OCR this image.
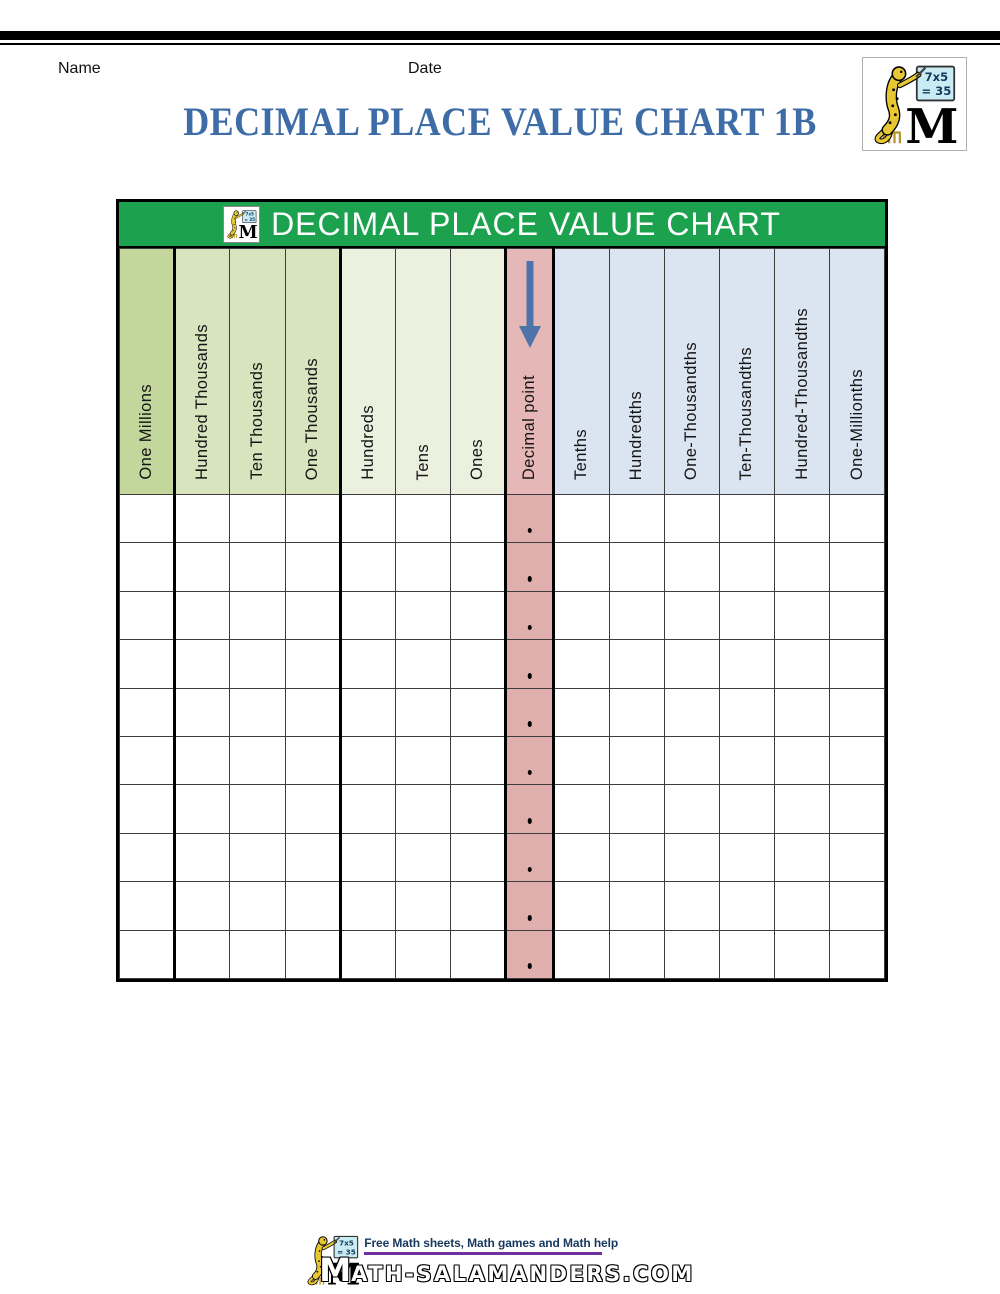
Name	Date
DECIMAL PLACE VALUE CHART 1B
DECIMAL PLACE VALUE CHART
One Millions	Hundred Thousands	Ten Thousands	One Thousands	Hundreds	Tens	Ones	Decimal point	Tenths	Hundredths	One-Thousandths	Ten-Thousandths	Hundred-Thousandths	One-Millionths

Free Math sheets, Math games and Math help
MATH-SALAMANDERS.COM
